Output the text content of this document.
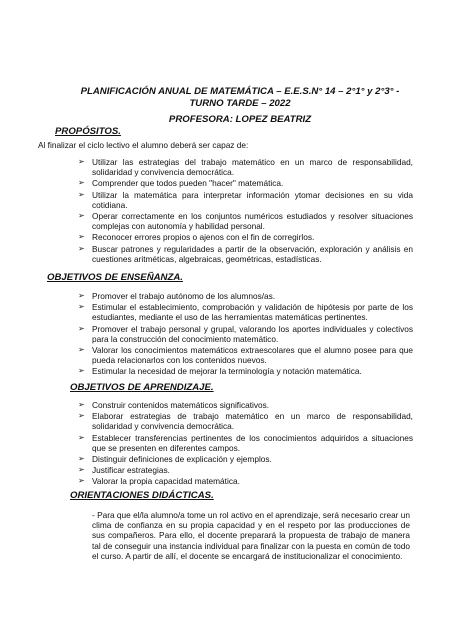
PLANIFICACIÓN ANUAL DE MATEMÁTICA – E.E.S.N° 14 – 2°1° y 2°3° -
TURNO TARDE – 2022
PROFESORA: LOPEZ BEATRIZ
PROPÓSITOS.
Al finalizar el ciclo lectivo el alumno deberá ser capaz de:
➢ Utilizar las estrategias del trabajo matemático en un marco de responsabilidad, solidaridad y convivencia democrática.
➢ Comprender que todos pueden "hacer" matemática.
➢ Utilizar la matemática para interpretar información ytomar decisiones en su vida cotidiana.
➢ Operar correctamente en los conjuntos numéricos estudiados y resolver situaciones complejas con autonomía y habilidad personal.
➢ Reconocer errores propios o ajenos con el fin de corregirlos.
➢ Buscar patrones y regularidades a partir de la observación, exploración y análisis en cuestiones aritméticas, algebraicas, geométricas, estadísticas.
OBJETIVOS DE ENSEÑANZA.
➢ Promover el trabajo autónomo de los alumnos/as.
➢ Estimular el establecimiento, comprobación y validación de hipótesis por parte de los estudiantes, mediante el uso de las herramientas matemáticas pertinentes.
➢ Promover el trabajo personal y grupal, valorando los aportes individuales y colectivos para la construcción del conocimiento matemático.
➢ Valorar los conocimientos matemáticos extraescolares que el alumno posee para que pueda relacionarlos con los contenidos nuevos.
➢ Estimular la necesidad de mejorar la terminología y notación matemática.
OBJETIVOS DE APRENDIZAJE.
➢ Construir contenidos matemáticos significativos.
➢ Elaborar estrategias de trabajo matemático en un marco de responsabilidad, solidaridad y convivencia democrática.
➢ Establecer transferencias pertinentes de los conocimientos adquiridos a situaciones que se presenten en diferentes campos.
➢ Distinguir definiciones de explicación y ejemplos.
➢ Justificar estrategias.
➢ Valorar la propia capacidad matemática.
ORIENTACIONES DIDÁCTICAS.

- Para que el/la alumno/a tome un rol activo en el aprendizaje, será necesario crear un clima de confianza en su propia capacidad y en el respeto por las producciones de sus compañeros. Para ello, el docente preparará la propuesta de trabajo de manera tal de conseguir una instancia individual para finalizar con la puesta en común de todo el curso. A partir de allí, el docente se encargará de institucionalizar el conocimiento.
